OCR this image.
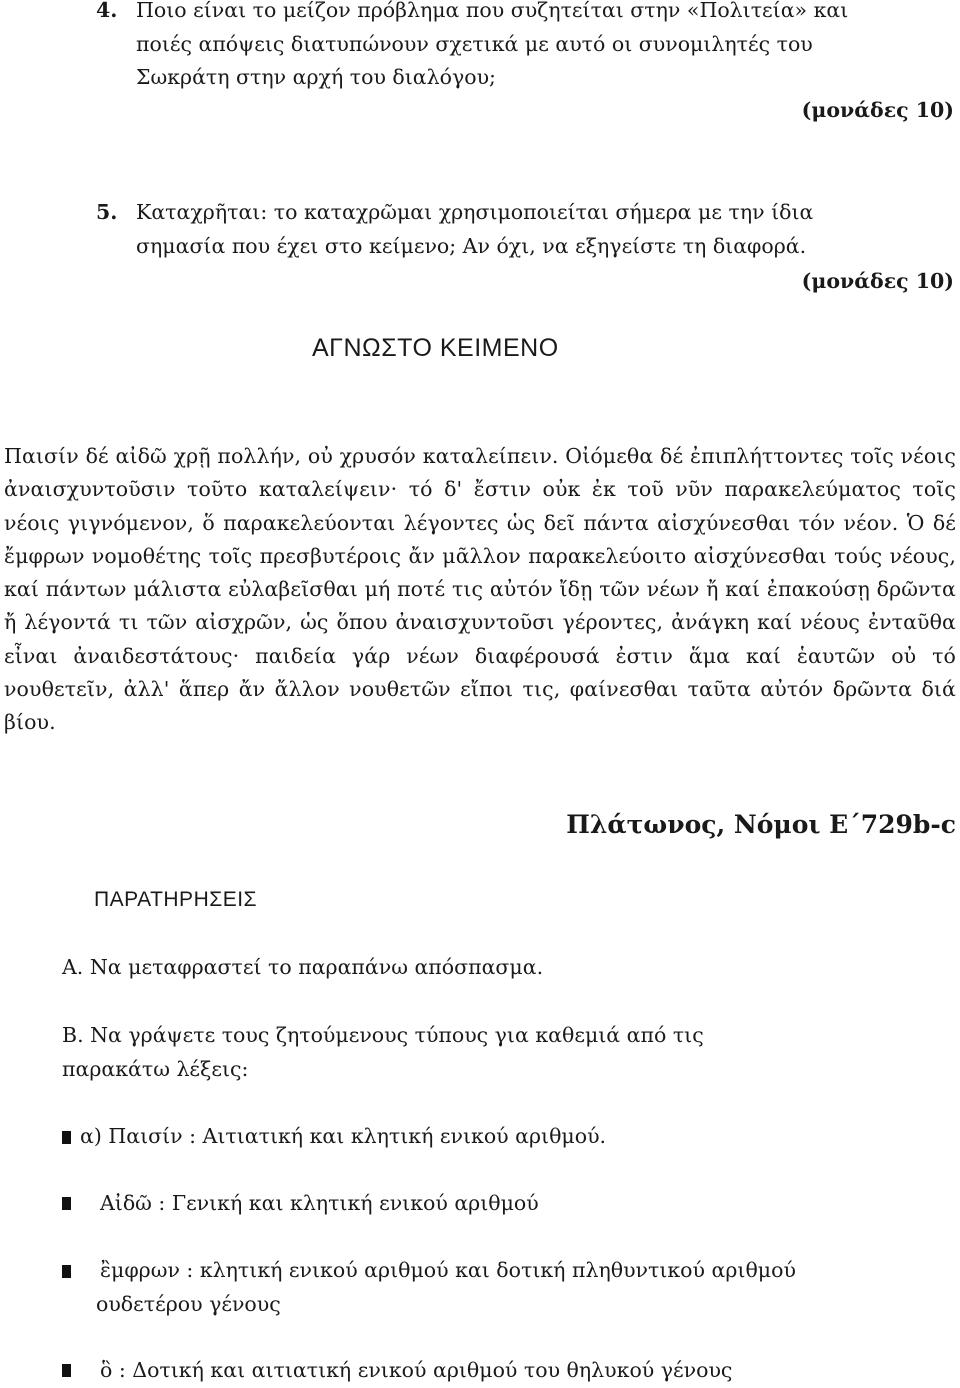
4. Ποιο είναι το μείζον πρόβλημα που συζητείται στην «Πολιτεία» και
ποιές απόψεις διατυπώνουν σχετικά με αυτό οι συνομιλητές του
Σωκράτη στην αρχή του διαλόγου;
(μονάδες 10)
5. Καταχρῆται: το καταχρῶμαι χρησιμοποιείται σήμερα με την ίδια
σημασία που έχει στο κείμενο; Αν όχι, να εξηγείστε τη διαφορά.
(μονάδες 10)
ΑΓΝΩΣΤΟ ΚΕΙΜΕΝΟ
Παισίν δέ αἰδῶ χρῇ πολλήν, οὐ χρυσόν καταλείπειν. Οἰόμεθα δέ ἐπιπλήττοντες τοῖς νέοις ἀναισχυντοῦσιν τοῦτο καταλείψειν· τό δ' ἔστιν οὐκ ἐκ τοῦ νῦν παρακελεύματος τοῖς νέοις γιγνόμενον, ὅ παρακελεύονται λέγοντες ὡς δεῖ πάντα αἰσχύνεσθαι τόν νέον. Ὁ δέ ἔμφρων νομοθέτης τοῖς πρεσβυτέροις ἄν μᾶλλον παρακελεύοιτο αἰσχύνεσθαι τούς νέους, καί πάντων μάλιστα εὐλαβεῖσθαι μή ποτέ τις αὐτόν ἴδῃ τῶν νέων ἤ καί ἐπακούσῃ δρῶντα ἤ λέγοντά τι τῶν αἰσχρῶν, ὡς ὅπου ἀναισχυντοῦσι γέροντες, ἀνάγκη καί νέους ἐνταῦθα εἶναι ἀναιδεστάτους· παιδεία γάρ νέων διαφέρουσά ἐστιν ἅμα καί ἑαυτῶν οὐ τό νουθετεῖν, ἀλλ' ἅπερ ἄν ἄλλον νουθετῶν εἴποι τις, φαίνεσθαι ταῦτα αὐτόν δρῶντα διά βίου.
Πλάτωνος, Νόμοι Ε΄729b-c
ΠΑΡΑΤΗΡΗΣΕΙΣ
Α. Να μεταφραστεί το παραπάνω απόσπασμα.
Β. Να γράψετε τους ζητούμενους τύπους για καθεμιά από τις
παρακάτω λέξεις:
α) Παισίν : Αιτιατική και κλητική ενικού αριθμού.
Αἰδῶ : Γενική και κλητική ενικού αριθμού
ἒμφρων : κλητική ενικού αριθμού και δοτική πληθυντικού αριθμού
ουδετέρου γένους
ὃ : Δοτική και αιτιατική ενικού αριθμού του θηλυκού γένους
